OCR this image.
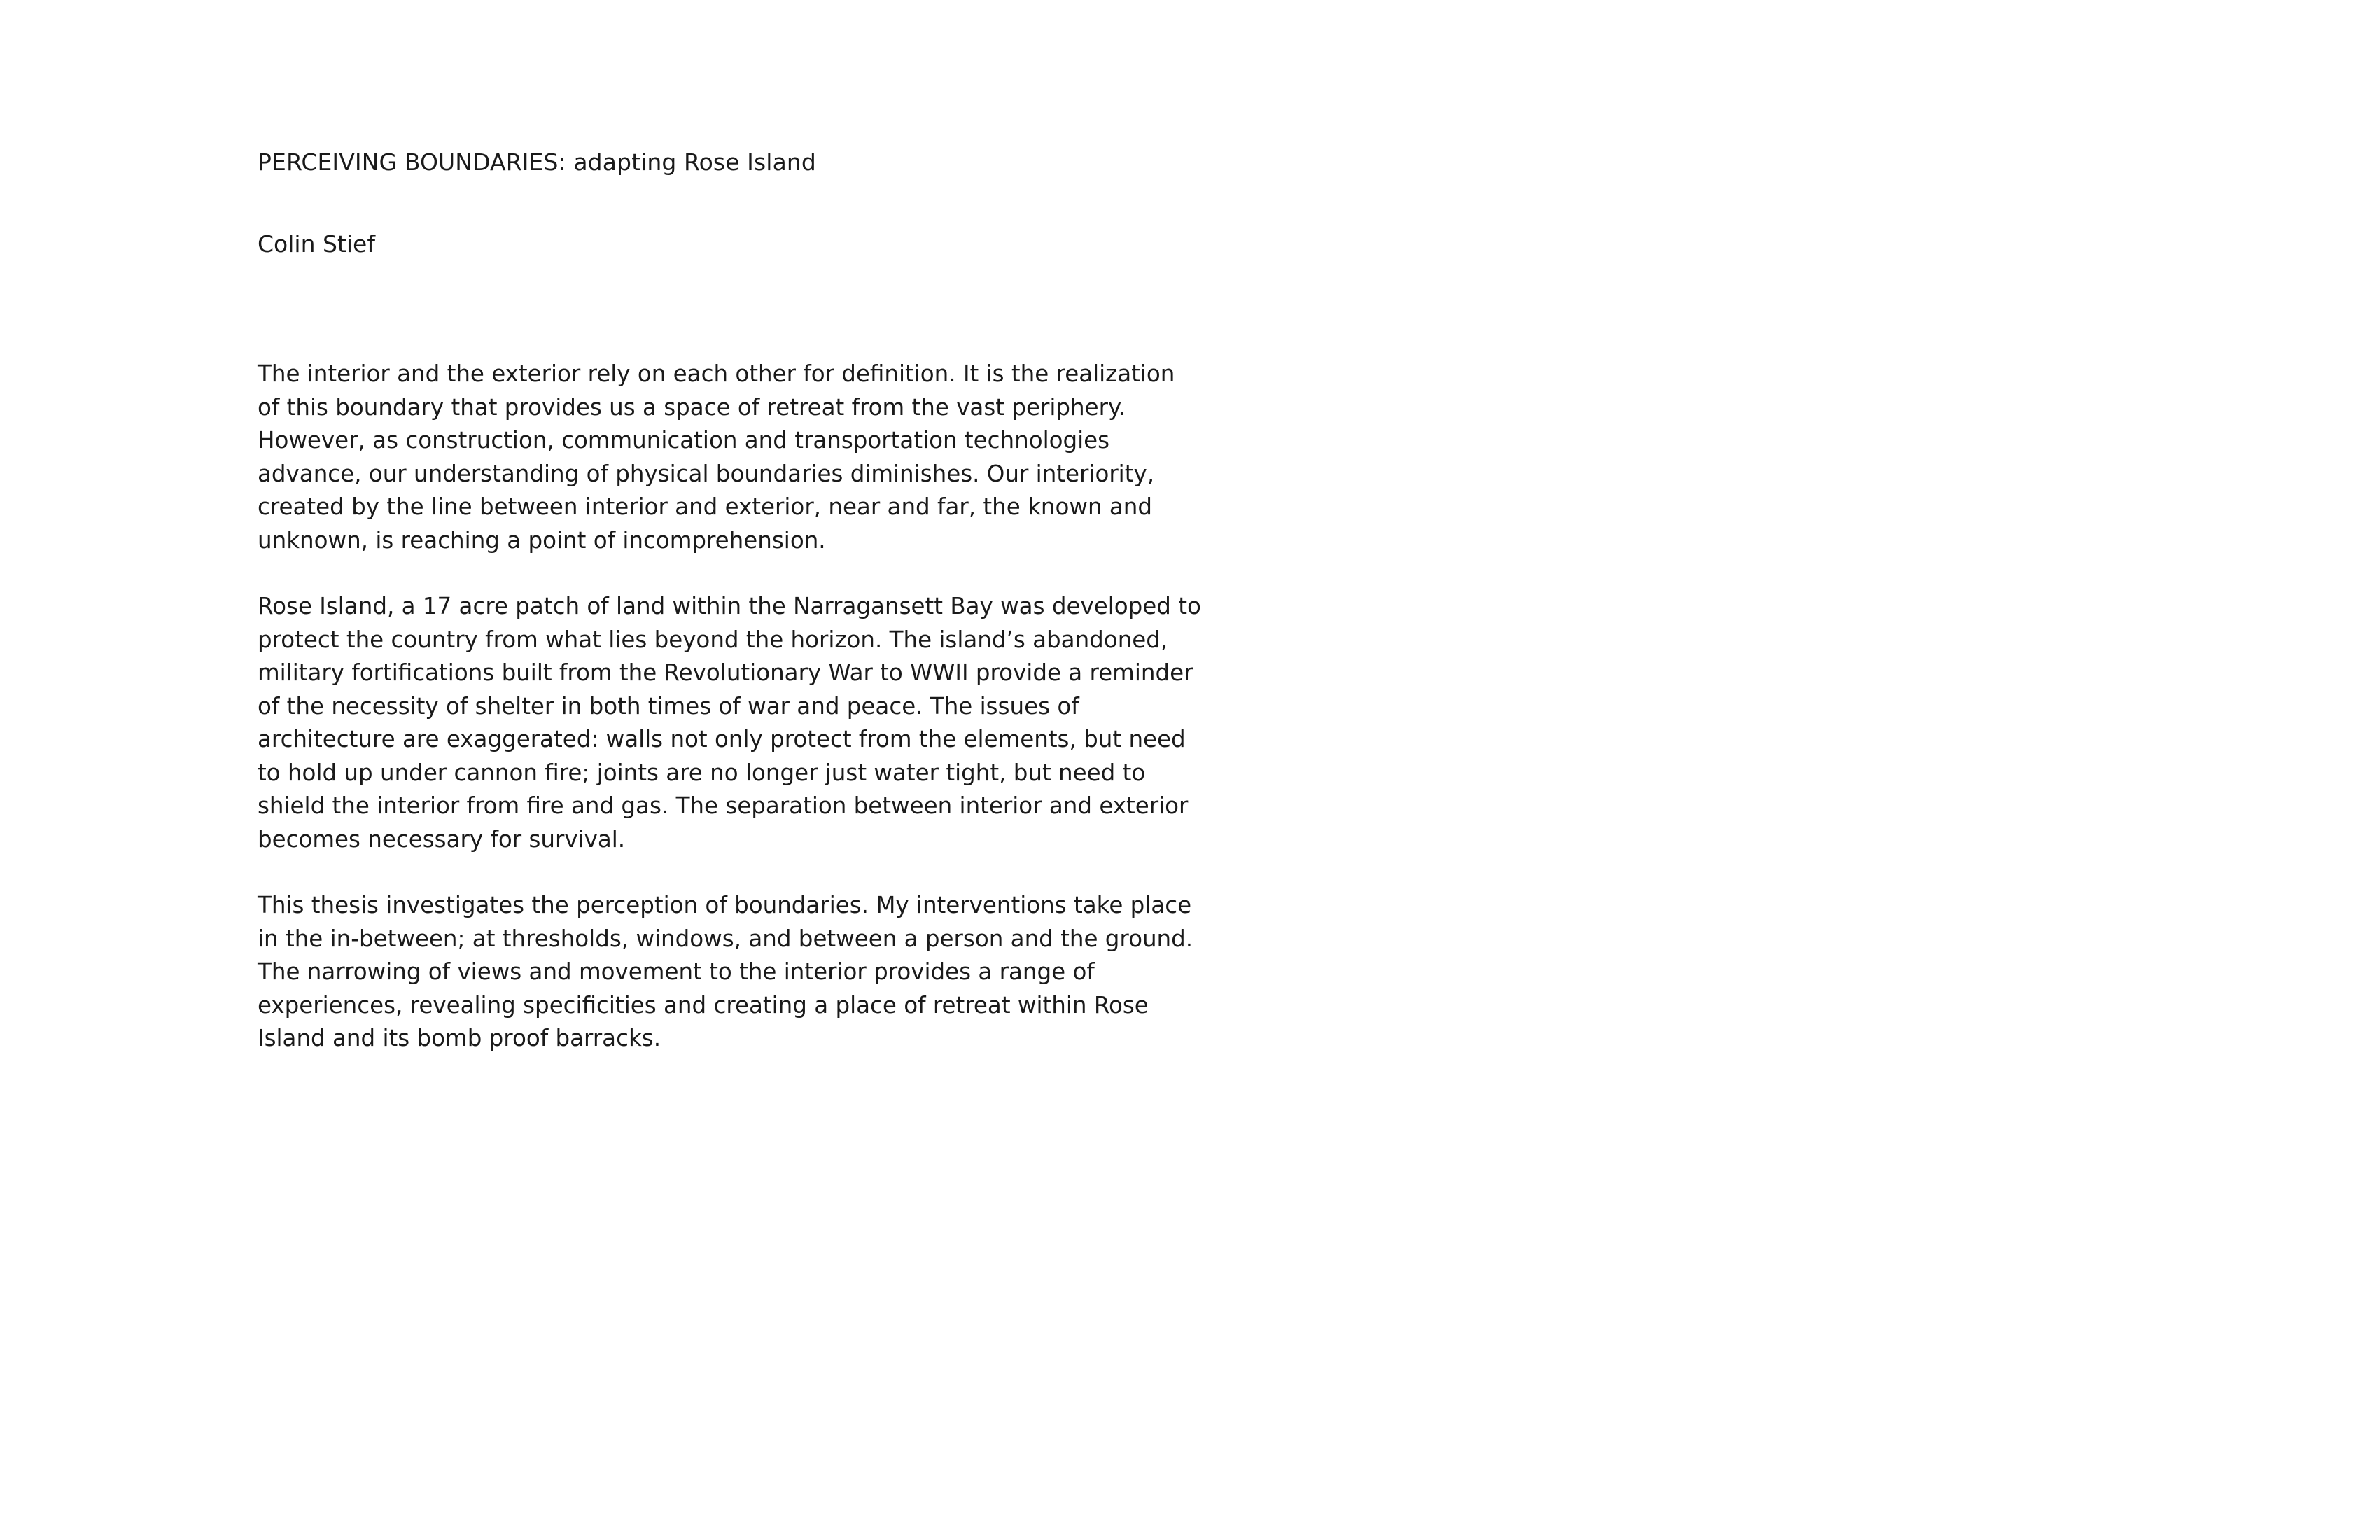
PERCEIVING BOUNDARIES: adapting Rose Island
Colin Stief

The interior and the exterior rely on each other for definition. It is the realization of this boundary that provides us a space of retreat from the vast periphery. However, as construction, communication and transportation technologies advance, our understanding of physical boundaries diminishes. Our interiority, created by the line between interior and exterior, near and far, the known and unknown, is reaching a point of incomprehension.

Rose Island, a 17 acre patch of land within the Narragansett Bay was developed to protect the country from what lies beyond the horizon. The island’s abandoned, military fortifications built from the Revolutionary War to WWII provide a reminder of the necessity of shelter in both times of war and peace. The issues of architecture are exaggerated: walls not only protect from the elements, but need to hold up under cannon fire; joints are no longer just water tight, but need to shield the interior from fire and gas. The separation between interior and exterior becomes necessary for survival.

This thesis investigates the perception of boundaries. My interventions take place in the in-between; at thresholds, windows, and between a person and the ground. The narrowing of views and movement to the interior provides a range of experiences, revealing specificities and creating a place of retreat within Rose Island and its bomb proof barracks.
